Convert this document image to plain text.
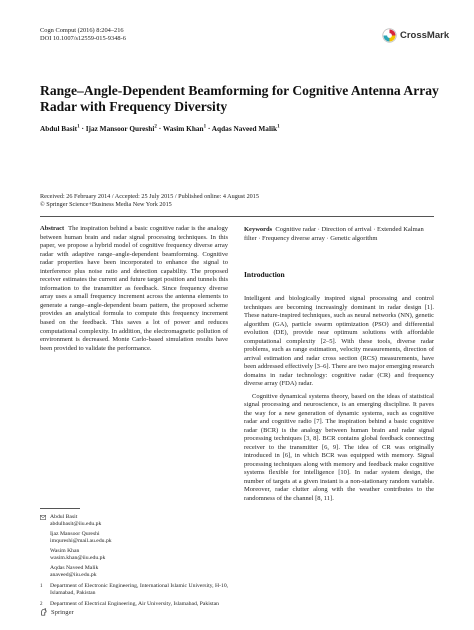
Cogn Comput (2016) 8:204–216
DOI 10.1007/s12559-015-9348-6	CrossMark
Range–Angle-Dependent Beamforming for Cognitive Antenna Array Radar with Frequency Diversity
Abdul Basit$^1$ · Ijaz Mansoor Qureshi$^2$ · Wasim Khan$^1$ · Aqdas Naveed Malik$^1$
Received: 26 February 2014 / Accepted: 25 July 2015 / Published online: 4 August 2015
© Springer Science+Business Media New York 2015
Abstract The inspiration behind a basic cognitive radar is the analogy between human brain and radar signal processing techniques. In this paper, we propose a hybrid model of cognitive frequency diverse array radar with adaptive range–angle-dependent beamforming. Cognitive radar properties have been incorporated to enhance the signal to interference plus noise ratio and detection capability. The proposed receiver estimates the current and future target position and tunnels this information to the transmitter as feedback. Since frequency diverse array uses a small frequency increment across the antenna elements to generate a range–angle-dependent beam pattern, the proposed scheme provides an analytical formula to compute this frequency increment based on the feedback. This saves a lot of power and reduces computational complexity. In addition, the electromagnetic pollution of environment is decreased. Monte Carlo-based simulation results have been provided to validate the performance.
Keywords Cognitive radar · Direction of arrival · Extended Kalman filter · Frequency diverse array · Genetic algorithm
Introduction

Intelligent and biologically inspired signal processing and control techniques are becoming increasingly dominant in radar design [1]. These nature-inspired techniques, such as neural networks (NN), genetic algorithm (GA), particle swarm optimization (PSO) and differential evolution (DE), provide near optimum solutions with affordable computational complexity [2–5]. With these tools, diverse radar problems, such as range estimation, velocity measurements, direction of arrival estimation and radar cross section (RCS) measurements, have been addressed effectively [3–6]. There are two major emerging research domains in radar technology: cognitive radar (CR) and frequency diverse array (FDA) radar.

Cognitive dynamical systems theory, based on the ideas of statistical signal processing and neuroscience, is an emerging discipline. It paves the way for a new generation of dynamic systems, such as cognitive radar and cognitive radio [7]. The inspiration behind a basic cognitive radar (BCR) is the analogy between human brain and radar signal processing techniques [3, 8]. BCR contains global feedback connecting receiver to the transmitter [6, 9]. The idea of CR was originally introduced in [6], in which BCR was equipped with memory. Signal processing techniques along with memory and feedback make cognitive systems flexible for intelligence [10]. In radar system design, the number of targets at a given instant is a non-stationary random variable. Moreover, radar clutter along with the weather contributes to the randomness of the channel [8, 11].

Abdul Basit
abdulbasit@iiu.edu.pk
Ijaz Mansoor Qureshi
imqureshi@mail.au.edu.pk
Wasim Khan
wasim.khan@iiu.edu.pk
Aqdas Naveed Malik
anaveed@iiu.edu.pk
1	Department of Electronic Engineering, International Islamic University, H-10, Islamabad, Pakistan
2	Department of Electrical Engineering, Air University, Islamabad, Pakistan
Springer
